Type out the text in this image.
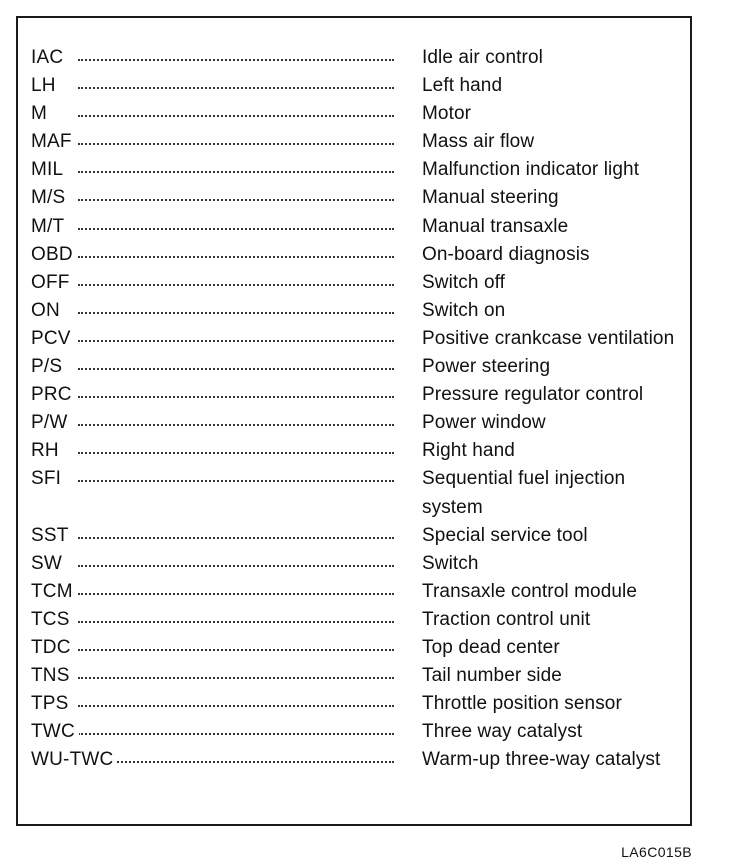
IAC	Idle air control
LH	Left hand
M	Motor
MAF	Mass air flow
MIL	Malfunction indicator light
M/S	Manual steering
M/T	Manual transaxle
OBD	On-board diagnosis
OFF	Switch off
ON	Switch on
PCV	Positive crankcase ventilation
P/S	Power steering
PRC	Pressure regulator control
P/W	Power window
RH	Right hand
SFI	Sequential fuel injection system
SST	Special service tool
SW	Switch
TCM	Transaxle control module
TCS	Traction control unit
TDC	Top dead center
TNS	Tail number side
TPS	Throttle position sensor
TWC	Three way catalyst
WU-TWC	Warm-up three-way catalyst
LA6C015B
